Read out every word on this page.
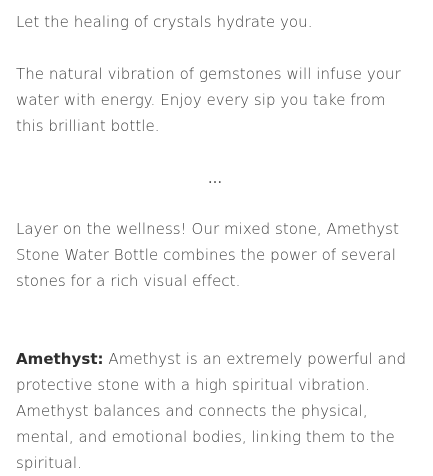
Let the healing of crystals hydrate you.

The natural vibration of gemstones will infuse your water with energy. Enjoy every sip you take from this brilliant bottle.

...

Layer on the wellness! Our mixed stone, Amethyst Stone Water Bottle combines the power of several stones for a rich visual effect.

Amethyst: Amethyst is an extremely powerful and protective stone with a high spiritual vibration. Amethyst balances and connects the physical, mental, and emotional bodies, linking them to the spiritual.
